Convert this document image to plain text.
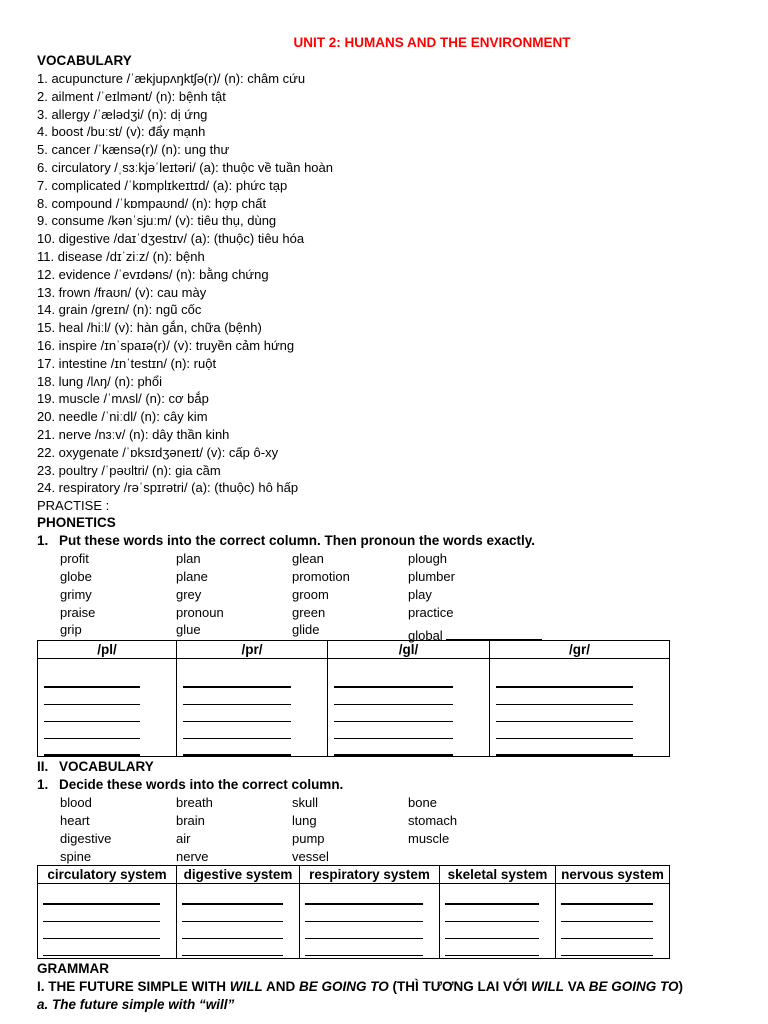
UNIT 2: HUMANS AND THE ENVIRONMENT
VOCABULARY
1. acupuncture /ˈækjupʌŋktʃə(r)/ (n): châm cứu
2. ailment /ˈeɪlmənt/ (n): bệnh tật
3. allergy /ˈælədʒi/ (n): dị ứng
4. boost /buːst/ (v): đẩy mạnh
5. cancer /ˈkænsə(r)/ (n): ung thư
6. circulatory /ˌsɜːkjəˈleɪtəri/ (a): thuộc về tuần hoàn
7. complicated /ˈkɒmplɪkeɪtɪd/ (a): phức tạp
8. compound /ˈkɒmpaʊnd/ (n): hợp chất
9. consume /kənˈsjuːm/ (v): tiêu thụ, dùng
10. digestive /daɪˈdʒestɪv/ (a): (thuộc) tiêu hóa
11. disease /dɪˈziːz/ (n): bệnh
12. evidence /ˈevɪdəns/ (n): bằng chứng
13. frown /fraʊn/ (v): cau mày
14. grain /ɡreɪn/ (n): ngũ cốc
15. heal /hiːl/ (v): hàn gắn, chữa (bệnh)
16. inspire /ɪnˈspaɪə(r)/ (v): truyền cảm hứng
17. intestine /ɪnˈtestɪn/ (n): ruột
18. lung /lʌŋ/ (n): phổi
19. muscle /ˈmʌsl/ (n): cơ bắp
20. needle /ˈniːdl/ (n): cây kim
21. nerve /nɜːv/ (n): dây thần kinh
22. oxygenate /ˈɒksɪdʒəneɪt/ (v): cấp ô-xy
23. poultry /ˈpəʊltri/ (n): gia cầm
24. respiratory /rəˈspɪrətri/ (a): (thuộc) hô hấp
PRACTISE :
PHONETICS
1. Put these words into the correct column. Then pronoun the words exactly.
profit	plan	glean	plough
globe	plane	promotion	plumber
grimy	grey	groom	play
praise	pronoun	green	practice
grip	glue	glide	global
/pl/	/pr/	/gl/	/gr/

II. VOCABULARY
1. Decide these words into the correct column.
blood	breath	skull	bone
heart	brain	lung	stomach
digestive	air	pump	muscle
spine	nerve	vessel
circulatory system	digestive system	respiratory system	skeletal system	nervous system

GRAMMAR
I. THE FUTURE SIMPLE WITH WILL AND BE GOING TO (THÌ TƯƠNG LAI VỚI WILL VA BE GOING TO)
a. The future simple with “will”
